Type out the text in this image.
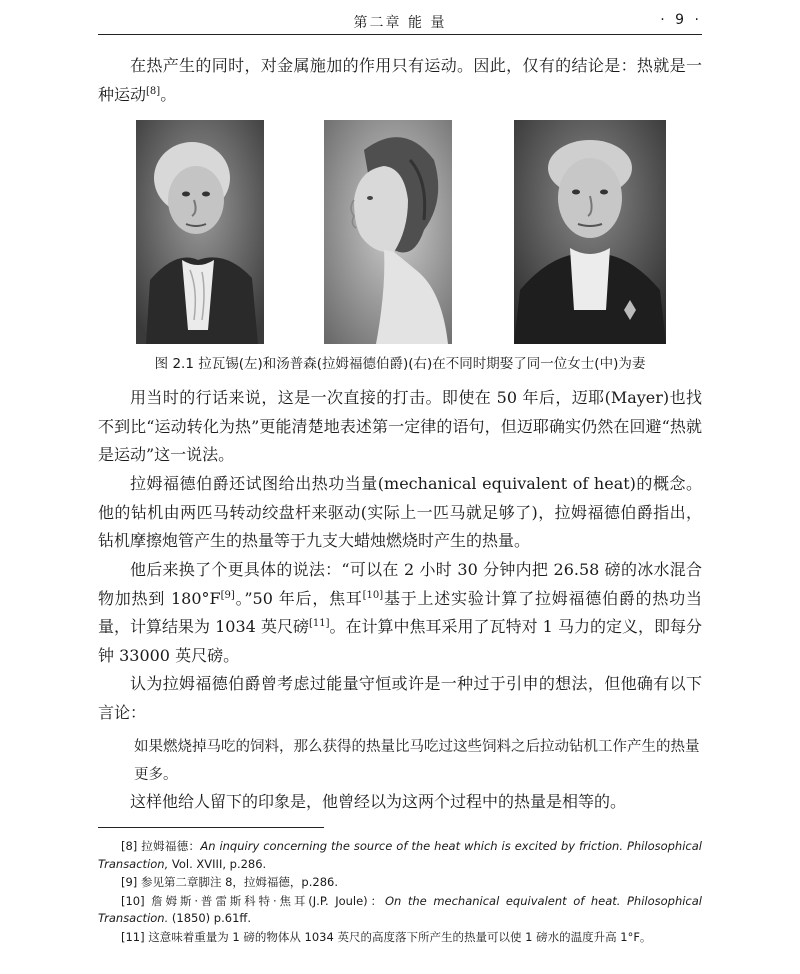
第二章 能 量	· 9 ·

在热产生的同时，对金属施加的作用只有运动。因此，仅有的结论是：热就是一种运动[8]。

图 2.1 拉瓦锡(左)和汤普森(拉姆福德伯爵)(右)在不同时期娶了同一位女士(中)为妻

用当时的行话来说，这是一次直接的打击。即使在 50 年后，迈耶(Mayer)也找不到比“运动转化为热”更能清楚地表述第一定律的语句，但迈耶确实仍然在回避“热就是运动”这一说法。

拉姆福德伯爵还试图给出热功当量(mechanical equivalent of heat)的概念。他的钻机由两匹马转动绞盘杆来驱动(实际上一匹马就足够了)，拉姆福德伯爵指出，钻机摩擦炮管产生的热量等于九支大蜡烛燃烧时产生的热量。

他后来换了个更具体的说法：“可以在 2 小时 30 分钟内把 26.58 磅的冰水混合物加热到 180°F[9]。”50 年后，焦耳[10]基于上述实验计算了拉姆福德伯爵的热功当量，计算结果为 1034 英尺磅[11]。在计算中焦耳采用了瓦特对 1 马力的定义，即每分钟 33000 英尺磅。

认为拉姆福德伯爵曾考虑过能量守恒或许是一种过于引申的想法，但他确有以下言论：

如果燃烧掉马吃的饲料，那么获得的热量比马吃过这些饲料之后拉动钻机工作产生的热量更多。

这样他给人留下的印象是，他曾经以为这两个过程中的热量是相等的。

[8] 拉姆福德：An inquiry concerning the source of the heat which is excited by friction. Philosophical Transaction, Vol. XVIII, p.286.

[9] 参见第二章脚注 8，拉姆福德，p.286.

[10] 詹姆斯·普雷斯科特·焦耳(J.P. Joule)：On the mechanical equivalent of heat. Philosophical Transaction. (1850) p.61ff.

[11] 这意味着重量为 1 磅的物体从 1034 英尺的高度落下所产生的热量可以使 1 磅水的温度升高 1°F。
